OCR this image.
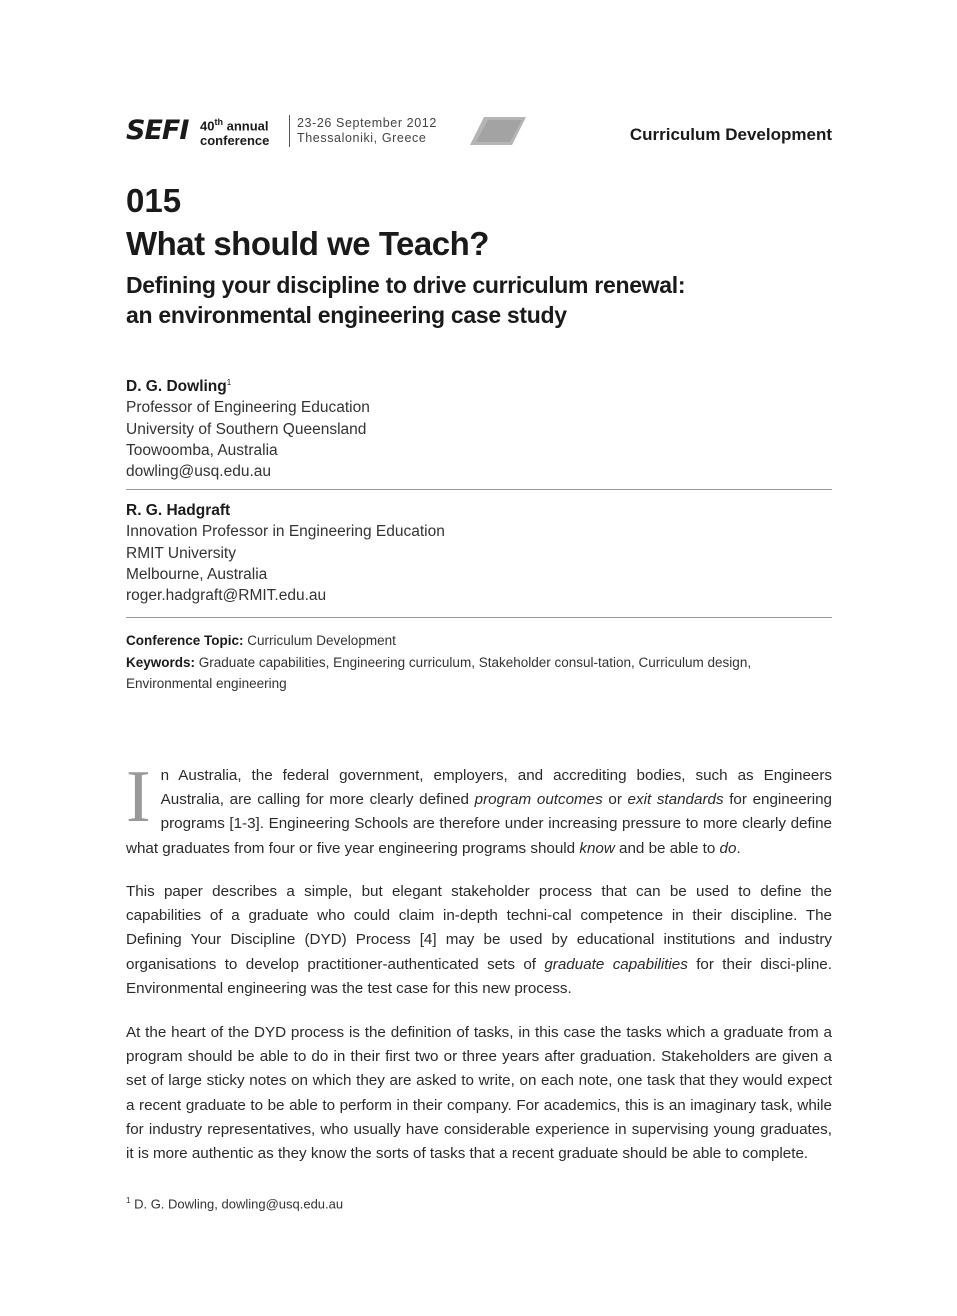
SEFI 40th annual
conference
23-26 September 2012
Thessaloniki, Greece	Curriculum Development
015
What should we Teach?
Defining your discipline to drive curriculum renewal:
an environmental engineering case study
D. G. Dowling$^1$
Professor of Engineering Education
University of Southern Queensland
Toowoomba, Australia
dowling@usq.edu.au
R. G. Hadgraft
Innovation Professor in Engineering Education
RMIT University
Melbourne, Australia
roger.hadgraft@RMIT.edu.au
Conference Topic: Curriculum Development
Keywords: Graduate capabilities, Engineering curriculum, Stakeholder consul-tation, Curriculum design, Environmental engineering
In Australia, the federal government, employers, and accrediting bodies, such as Engineers Australia, are calling for more clearly defined program outcomes or exit standards for engineering programs [1-3]. Engineering Schools are therefore under increasing pressure to more clearly define what graduates from four or five year engineering programs should know and be able to do.
This paper describes a simple, but elegant stakeholder process that can be used to define the capabilities of a graduate who could claim in-depth techni-cal competence in their discipline. The Defining Your Discipline (DYD) Process [4] may be used by educational institutions and industry organisations to develop practitioner-authenticated sets of graduate capabilities for their disci-pline. Environmental engineering was the test case for this new process.
At the heart of the DYD process is the definition of tasks, in this case the tasks which a graduate from a program should be able to do in their first two or three years after graduation. Stakeholders are given a set of large sticky notes on which they are asked to write, on each note, one task that they would expect a recent graduate to be able to perform in their company. For academics, this is an imaginary task, while for industry representatives, who usually have considerable experience in supervising young graduates, it is more authentic as they know the sorts of tasks that a recent graduate should be able to complete.
$^1$ D. G. Dowling, dowling@usq.edu.au
